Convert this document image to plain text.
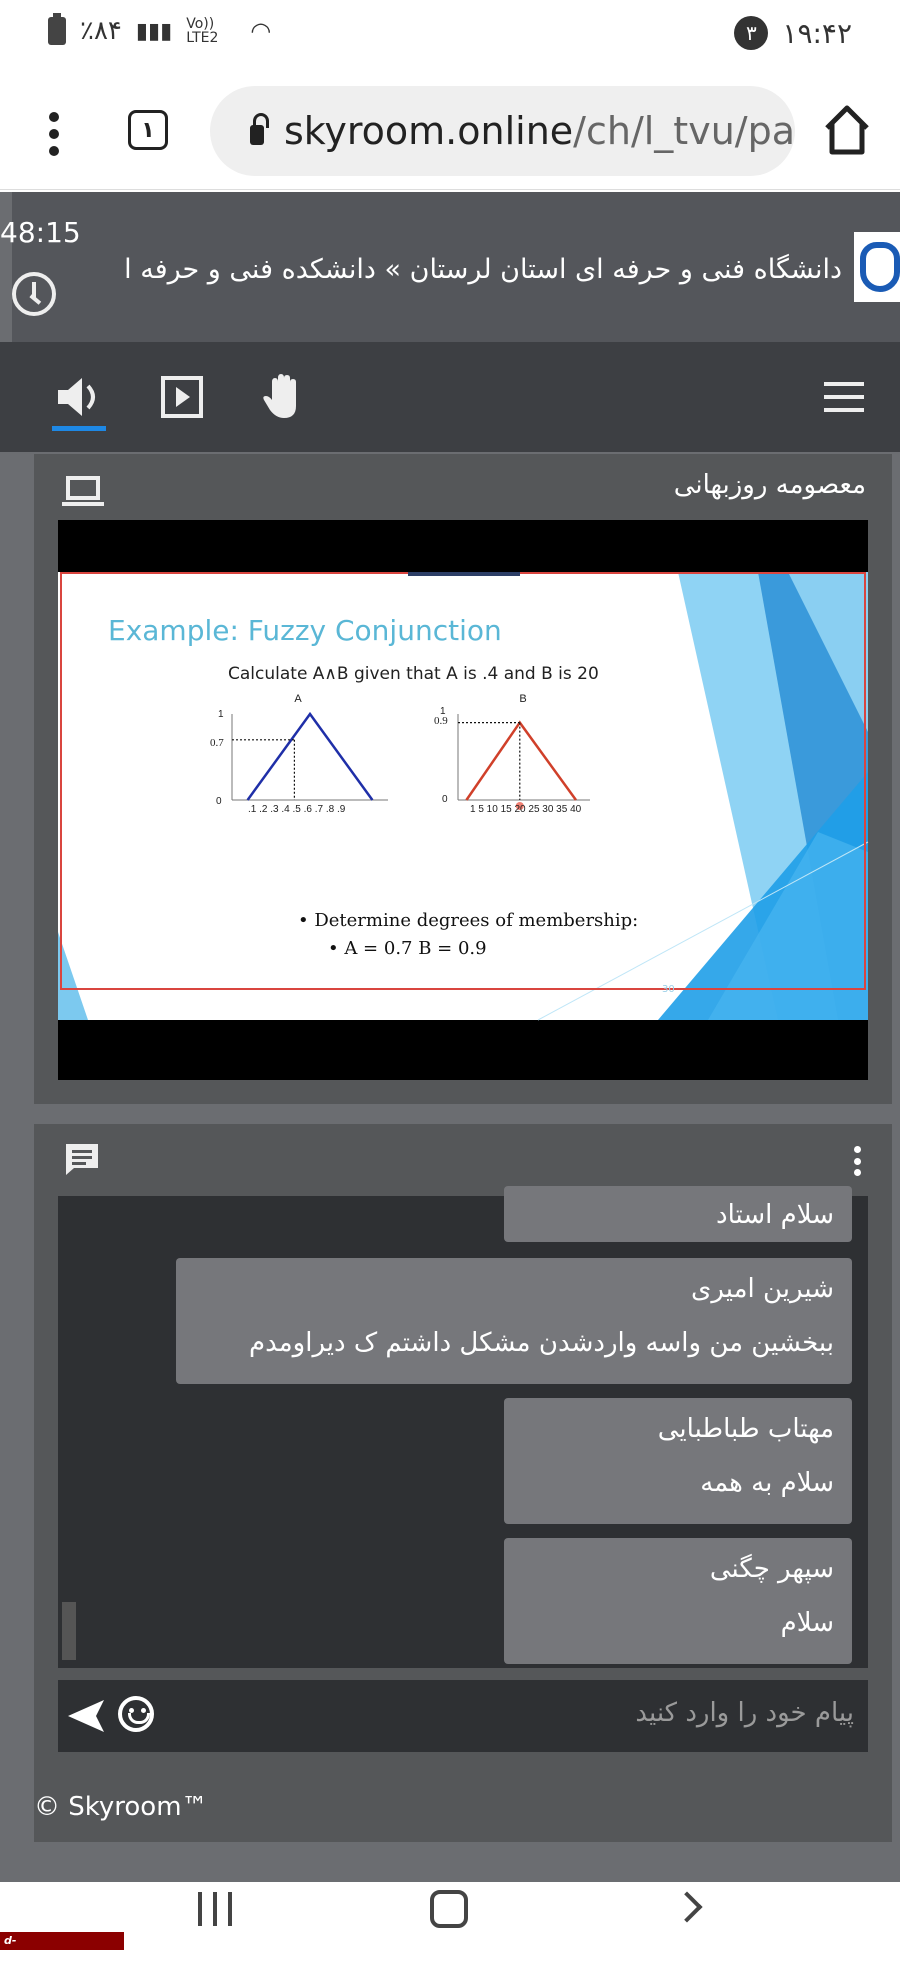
٪۸۴ ▮▮▮ Vo)) LTE2	◠	۳ ۱۹:۴۲
۱	skyroom.online/ch/l_tvu/pa
دانشگاه فنی و حرفه ای استان لرستان » دانشکده فنی و حرفه ا
48:15
معصومه روزبهانی
Example: Fuzzy Conjunction
Calculate A∧B given that A is .4 and B is 20
A
1
0.7
0
.1 .2 .3 .4 .5 .6 .7 .8 .9
B
1
0.9
0
1 5 10 15 20 25 30 35 40
• Determine degrees of membership:
• A = 0.7 B = 0.9
30
سلام استاد
شیرین امیری
ببخشین من واسه واردشدن مشکل داشتم ک دیراومدم
مهتاب طباطبایی
سلام به همه
سپهر چگنی
سلام
پیام خود را وارد کنید
© Skyroom™
d-boroujerd.nus.ac.ir
